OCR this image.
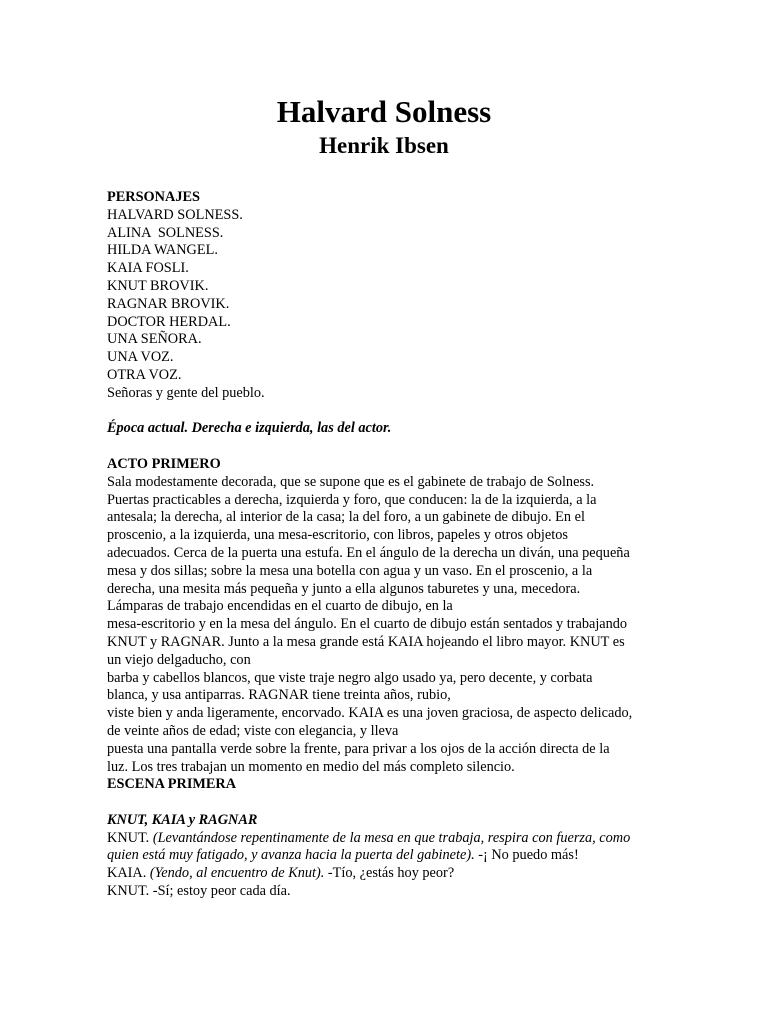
Halvard Solness
Henrik Ibsen
PERSONAJES
HALVARD SOLNESS.
ALINA  SOLNESS.
HILDA WANGEL.
KAIA FOSLI.
KNUT BROVIK.
RAGNAR BROVIK.
DOCTOR HERDAL.
UNA SEÑORA.
UNA VOZ.
OTRA VOZ.
Señoras y gente del pueblo.
Época actual. Derecha e izquierda, las del actor.
ACTO PRIMERO
Sala modestamente decorada, que se supone que es el gabinete de trabajo de Solness.
Puertas practicables a derecha, izquierda y foro, que conducen: la de la izquierda, a la
antesala; la derecha, al interior de la casa; la del foro, a un gabinete de dibujo. En el
proscenio, a la izquierda, una mesa-escritorio, con libros, papeles y otros objetos
adecuados. Cerca de la puerta una estufa. En el ángulo de la derecha un diván, una pequeña
mesa y dos sillas; sobre la mesa una botella con agua y un vaso. En el proscenio, a la
derecha, una mesita más pequeña y junto a ella algunos taburetes y una, mecedora.
Lámparas de trabajo encendidas en el cuarto de dibujo, en la
mesa-escritorio y en la mesa del ángulo. En el cuarto de dibujo están sentados y trabajando
KNUT y RAGNAR. Junto a la mesa grande está KAIA hojeando el libro mayor. KNUT es
un viejo delgaducho, con
barba y cabellos blancos, que viste traje negro algo usado ya, pero decente, y corbata
blanca, y usa antiparras. RAGNAR tiene treinta años, rubio,
viste bien y anda ligeramente, encorvado. KAIA es una joven graciosa, de aspecto delicado,
de veinte años de edad; viste con elegancia, y lleva
puesta una pantalla verde sobre la frente, para privar a los ojos de la acción directa de la
luz. Los tres trabajan un momento en medio del más completo silencio.
ESCENA PRIMERA
KNUT, KAIA y RAGNAR
KNUT. (Levantándose repentinamente de la mesa en que trabaja, respira con fuerza, como
quien está muy fatigado, y avanza hacia la puerta del gabinete). -¡ No puedo más!
KAIA. (Yendo, al encuentro de Knut). -Tío, ¿estás hoy peor?
KNUT. -Sí; estoy peor cada día.
